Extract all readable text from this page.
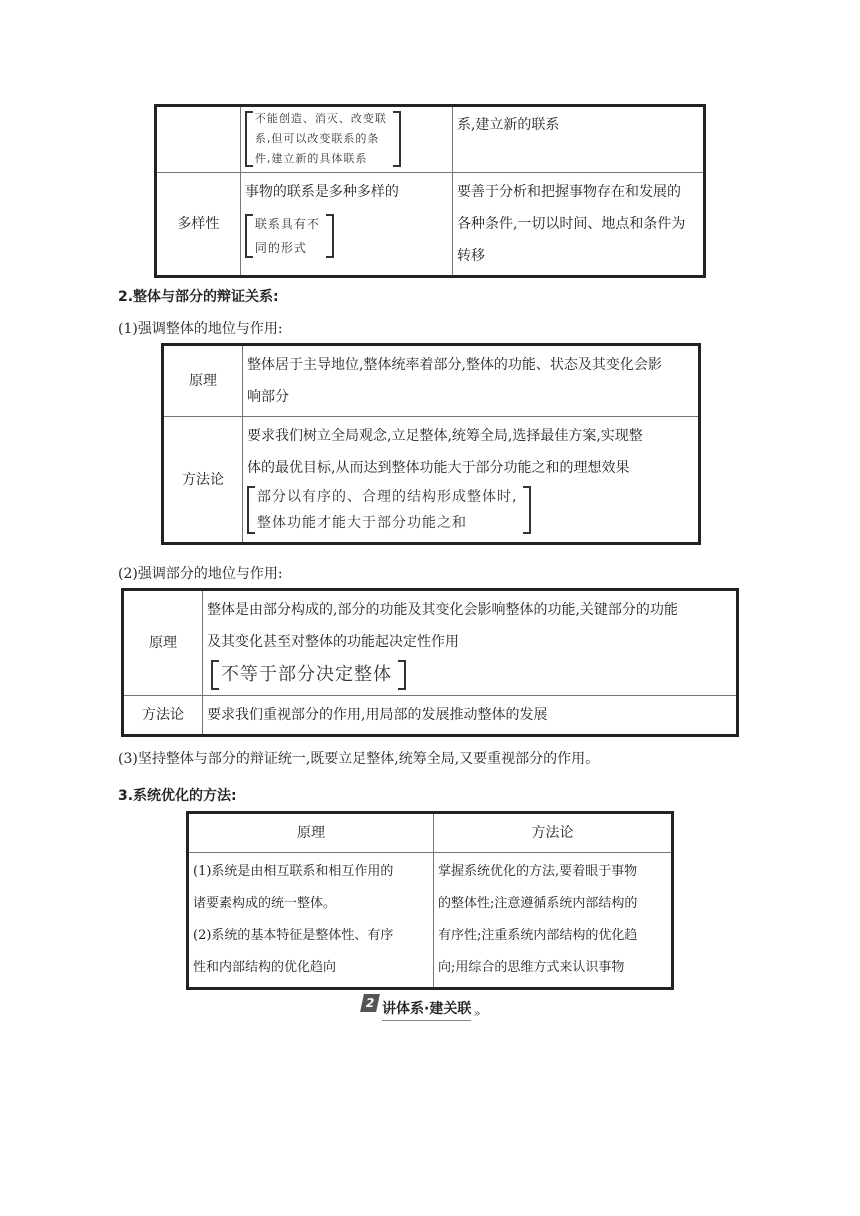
	不能创造、消灭、改变联
系,但可以改变联系的条
件,建立新的具体联系	系,建立新的联系
多样性	事物的联系是多种多样的
联系具有不
同的形式	要善于分析和把握事物存在和发展的
各种条件,一切以时间、地点和条件为
转移
2.整体与部分的辩证关系:
(1)强调整体的地位与作用:
原理	整体居于主导地位,整体统率着部分,整体的功能、状态及其变化会影
响部分
方法论	要求我们树立全局观念,立足整体,统筹全局,选择最佳方案,实现整
体的最优目标,从而达到整体功能大于部分功能之和的理想效果
部分以有序的、合理的结构形成整体时,
整体功能才能大于部分功能之和
(2)强调部分的地位与作用:
原理	整体是由部分构成的,部分的功能及其变化会影响整体的功能,关键部分的功能
及其变化甚至对整体的功能起决定性作用
不等于部分决定整体
方法论	要求我们重视部分的作用,用局部的发展推动整体的发展
(3)坚持整体与部分的辩证统一,既要立足整体,统筹全局,又要重视部分的作用。
3.系统优化的方法:
原理	方法论
(1)系统是由相互联系和相互作用的
诸要素构成的统一整体。
(2)系统的基本特征是整体性、有序
性和内部结构的优化趋向	掌握系统优化的方法,要着眼于事物
的整体性;注意遵循系统内部结构的
有序性;注重系统内部结构的优化趋
向;用综合的思维方式来认识事物
2 讲体系·建关联 »
